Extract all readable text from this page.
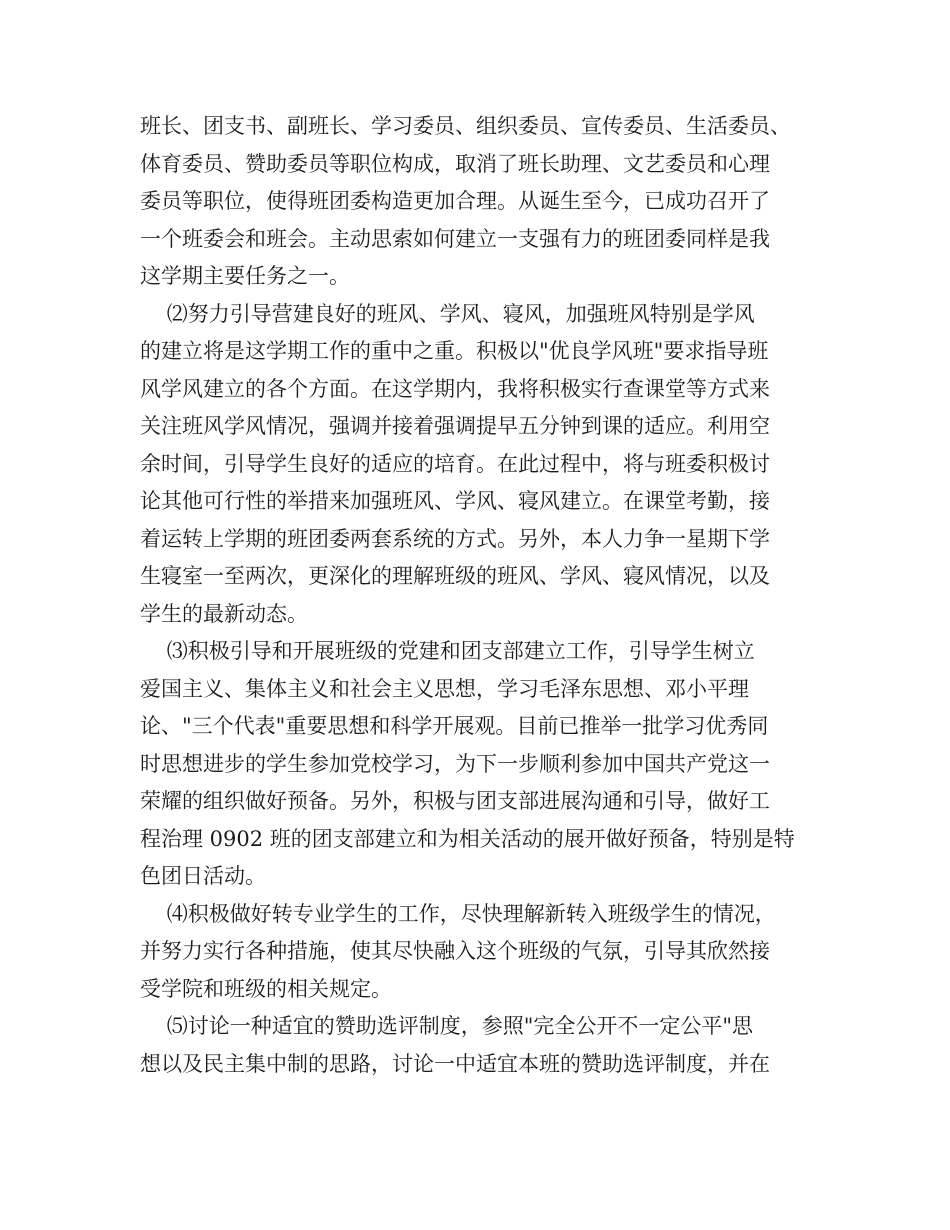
班长、团支书、副班长、学习委员、组织委员、宣传委员、生活委员、
体育委员、赞助委员等职位构成，取消了班长助理、文艺委员和心理
委员等职位，使得班团委构造更加合理。从诞生至今，已成功召开了
一个班委会和班会。主动思索如何建立一支强有力的班团委同样是我
这学期主要任务之一。
⑵努力引导营建良好的班风、学风、寝风，加强班风特别是学风
的建立将是这学期工作的重中之重。积极以"优良学风班"要求指导班
风学风建立的各个方面。在这学期内，我将积极实行查课堂等方式来
关注班风学风情况，强调并接着强调提早五分钟到课的适应。利用空
余时间，引导学生良好的适应的培育。在此过程中，将与班委积极讨
论其他可行性的举措来加强班风、学风、寝风建立。在课堂考勤，接
着运转上学期的班团委两套系统的方式。另外，本人力争一星期下学
生寝室一至两次，更深化的理解班级的班风、学风、寝风情况，以及
学生的最新动态。
⑶积极引导和开展班级的党建和团支部建立工作，引导学生树立
爱国主义、集体主义和社会主义思想，学习毛泽东思想、邓小平理
论、"三个代表"重要思想和科学开展观。目前已推举一批学习优秀同
时思想进步的学生参加党校学习，为下一步顺利参加中国共产党这一
荣耀的组织做好预备。另外，积极与团支部进展沟通和引导，做好工
程治理 0902 班的团支部建立和为相关活动的展开做好预备，特别是特
色团日活动。
⑷积极做好转专业学生的工作，尽快理解新转入班级学生的情况，
并努力实行各种措施，使其尽快融入这个班级的气氛，引导其欣然接
受学院和班级的相关规定。
⑸讨论一种适宜的赞助选评制度，参照"完全公开不一定公平"思
想以及民主集中制的思路，讨论一中适宜本班的赞助选评制度，并在
